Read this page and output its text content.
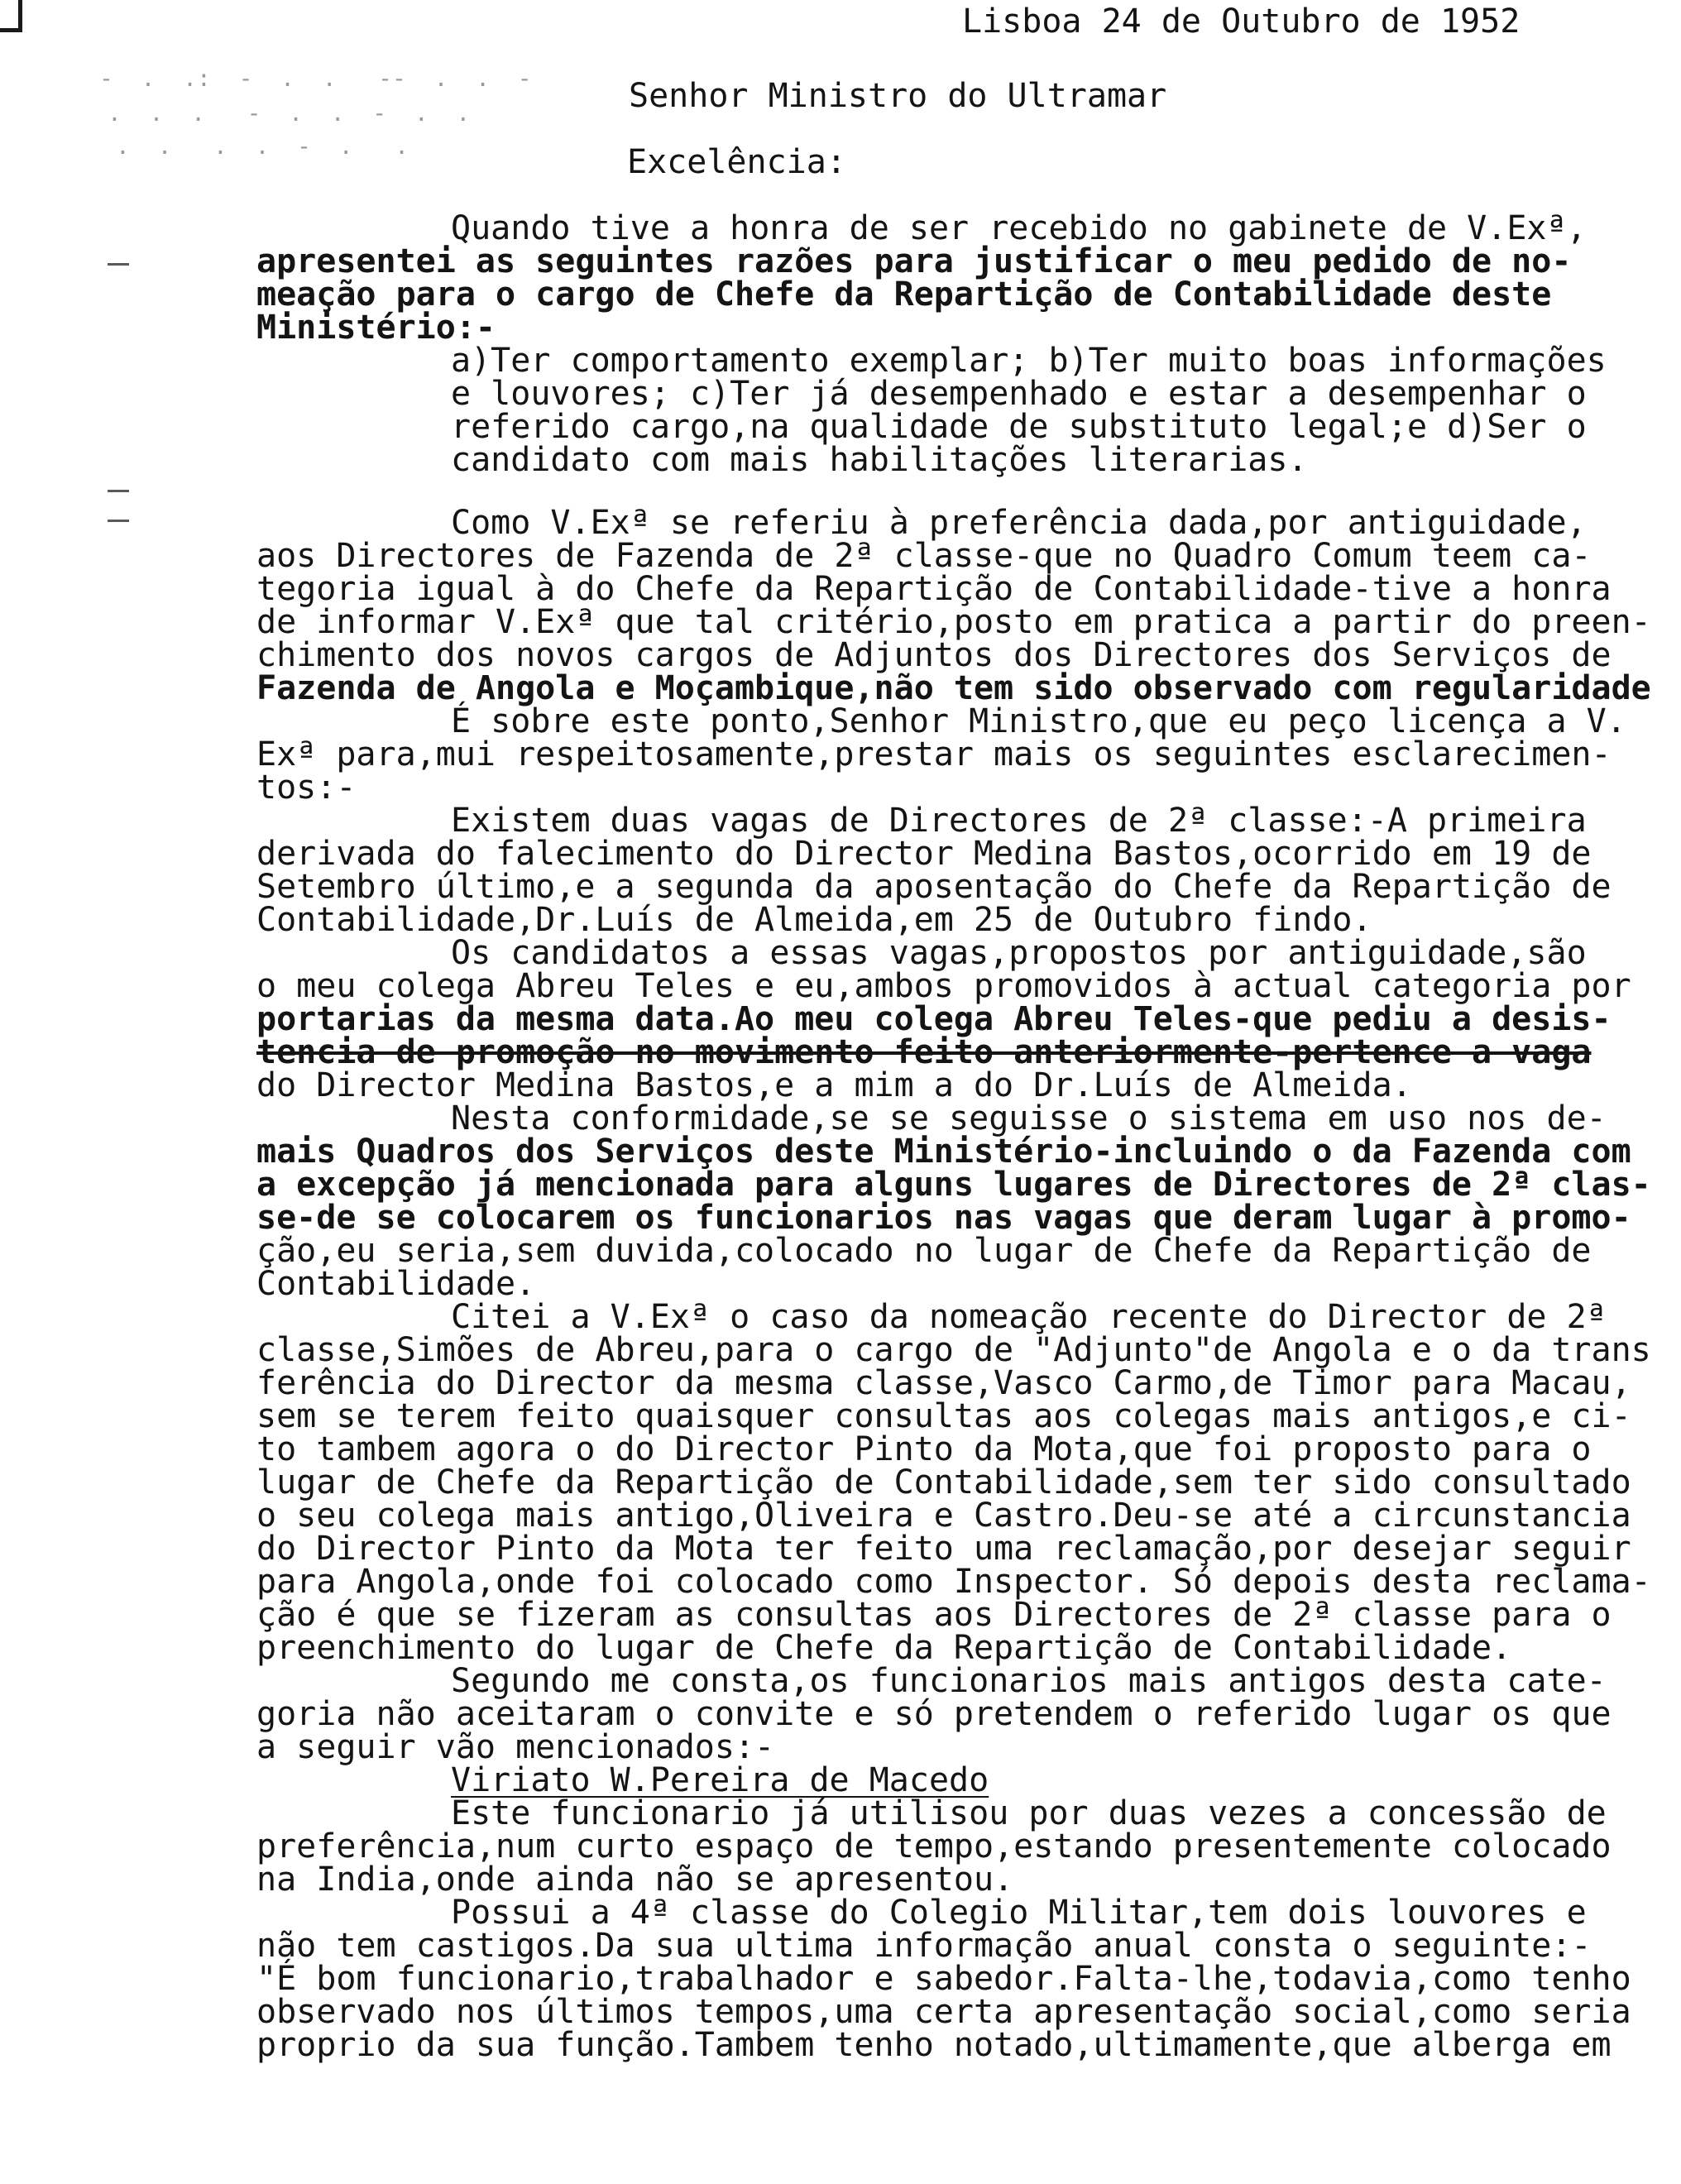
-  .  .:  -  .  .   --  .  .  -
.  .  .   -  .  .  -  .  .
.  .   .  .  -  .   .
Lisboa 24 de Outubro de 1952
Senhor Ministro do Ultramar
Excelência:
Quando tive a honra de ser recebido no gabinete de V.Exª,
apresentei as seguintes razões para justificar o meu pedido de no-
meação para o cargo de Chefe da Repartição de Contabilidade deste
Ministério:-
a)Ter comportamento exemplar; b)Ter muito boas informações
e louvores; c)Ter já desempenhado e estar a desempenhar o
referido cargo,na qualidade de substituto legal;e d)Ser o
candidato com mais habilitações literarias.
Como V.Exª se referiu à preferência dada,por antiguidade,
aos Directores de Fazenda de 2ª classe-que no Quadro Comum teem ca-
tegoria igual à do Chefe da Repartição de Contabilidade-tive a honra
de informar V.Exª que tal critério,posto em pratica a partir do preen-
chimento dos novos cargos de Adjuntos dos Directores dos Serviços de
Fazenda de Angola e Moçambique,não tem sido observado com regularidade
É sobre este ponto,Senhor Ministro,que eu peço licença a V.
Exª para,mui respeitosamente,prestar mais os seguintes esclarecimen-
tos:-
Existem duas vagas de Directores de 2ª classe:-A primeira
derivada do falecimento do Director Medina Bastos,ocorrido em 19 de
Setembro último,e a segunda da aposentação do Chefe da Repartição de
Contabilidade,Dr.Luís de Almeida,em 25 de Outubro findo.
Os candidatos a essas vagas,propostos por antiguidade,são
o meu colega Abreu Teles e eu,ambos promovidos à actual categoria por
portarias da mesma data.Ao meu colega Abreu Teles-que pediu a desis-
tencia de promoção no movimento feito anteriormente-pertence a vaga
do Director Medina Bastos,e a mim a do Dr.Luís de Almeida.
Nesta conformidade,se se seguisse o sistema em uso nos de-
mais Quadros dos Serviços deste Ministério-incluindo o da Fazenda com
a excepção já mencionada para alguns lugares de Directores de 2ª clas-
se-de se colocarem os funcionarios nas vagas que deram lugar à promo-
ção,eu seria,sem duvida,colocado no lugar de Chefe da Repartição de
Contabilidade.
Citei a V.Exª o caso da nomeação recente do Director de 2ª
classe,Simões de Abreu,para o cargo de "Adjunto"de Angola e o da trans
ferência do Director da mesma classe,Vasco Carmo,de Timor para Macau,
sem se terem feito quaisquer consultas aos colegas mais antigos,e ci-
to tambem agora o do Director Pinto da Mota,que foi proposto para o
lugar de Chefe da Repartição de Contabilidade,sem ter sido consultado
o seu colega mais antigo,Oliveira e Castro.Deu-se até a circunstancia
do Director Pinto da Mota ter feito uma reclamação,por desejar seguir
para Angola,onde foi colocado como Inspector. Só depois desta reclama-
ção é que se fizeram as consultas aos Directores de 2ª classe para o
preenchimento do lugar de Chefe da Repartição de Contabilidade.
Segundo me consta,os funcionarios mais antigos desta cate-
goria não aceitaram o convite e só pretendem o referido lugar os que
a seguir vão mencionados:-
Viriato W.Pereira de Macedo
Este funcionario já utilisou por duas vezes a concessão de
preferência,num curto espaço de tempo,estando presentemente colocado
na India,onde ainda não se apresentou.
Possui a 4ª classe do Colegio Militar,tem dois louvores e
não tem castigos.Da sua ultima informação anual consta o seguinte:-
"É bom funcionario,trabalhador e sabedor.Falta-lhe,todavia,como tenho
observado nos últimos tempos,uma certa apresentação social,como seria
proprio da sua função.Tambem tenho notado,ultimamente,que alberga em
